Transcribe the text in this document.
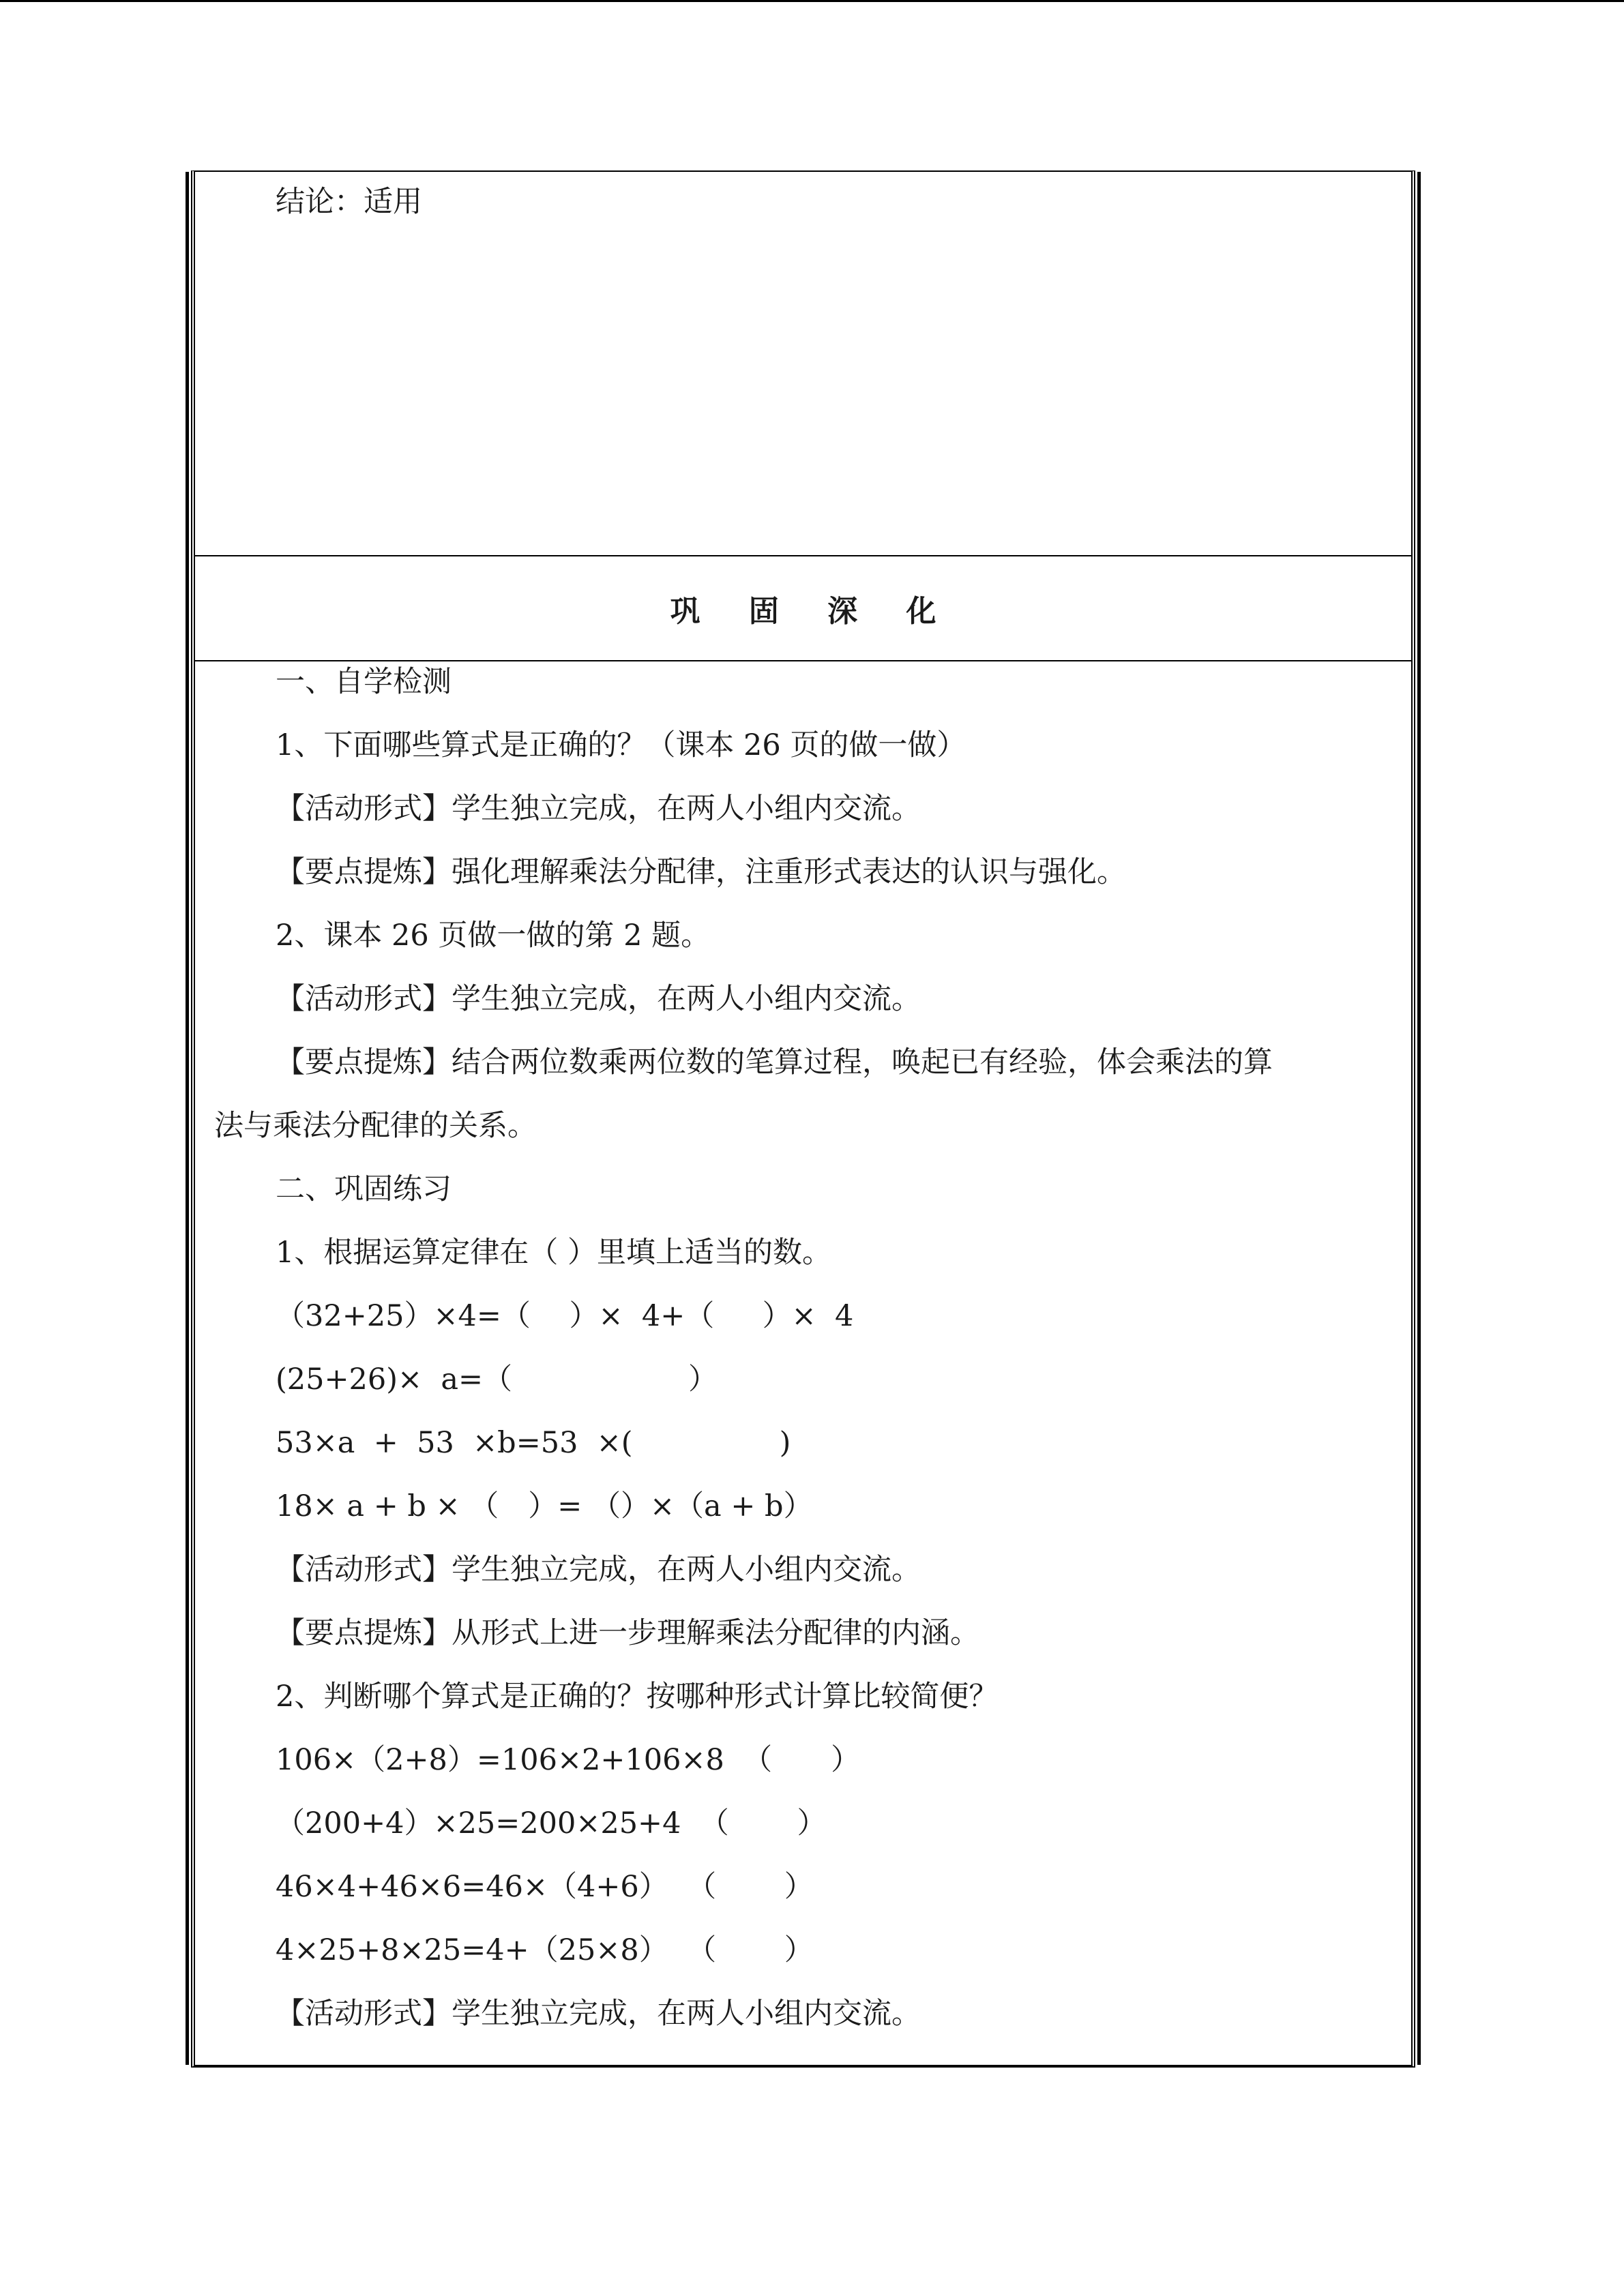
结论：适用
巩 固 深 化
一、自学检测
1、下面哪些算式是正确的？（课本 26 页的做一做）
【活动形式】学生独立完成，在两人小组内交流。
【要点提炼】强化理解乘法分配律，注重形式表达的认识与强化。
2、课本 26 页做一做的第 2 题。
【活动形式】学生独立完成，在两人小组内交流。
【要点提炼】结合两位数乘两位数的笔算过程，唤起已有经验，体会乘法的算
法与乘法分配律的关系。
二、巩固练习
1、根据运算定律在（ ）里填上适当的数。
（32+25）×4=（　 ）×  4+（　  ）×  4
(25+26)×  a=（　　　　　　）
53×a  +  53  ×b=53  ×(　　　　　)
18× a + b × （　）= （）×（a + b）
【活动形式】学生独立完成，在两人小组内交流。
【要点提炼】从形式上进一步理解乘法分配律的内涵。
2、判断哪个算式是正确的？按哪种形式计算比较简便？
106×（2+8）=106×2+106×8  （　　）
（200+4）×25=200×25+4  （　　 ）
46×4+46×6=46×（4+6）  （　　 ）
4×25+8×25=4+（25×8）  （　　 ）
【活动形式】学生独立完成，在两人小组内交流。
